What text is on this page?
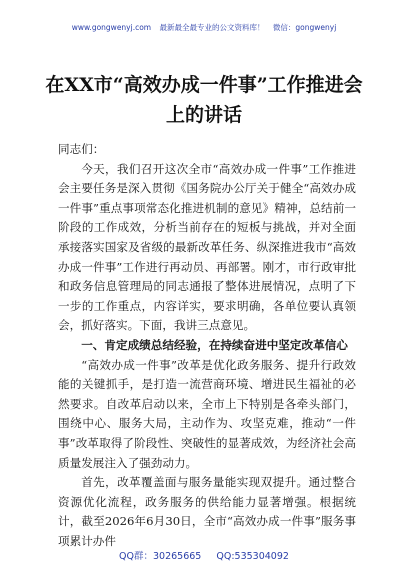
www.gongwenyj.com 最新最全最专业的公文资料库！ 微信：gongwenyj
在XX市“高效办成一件事”工作推进会上的讲话

同志们：

今天，我们召开这次全市“高效办成一件事”工作推进会主要任务是深入贯彻《国务院办公厅关于健全“高效办成一件事”重点事项常态化推进机制的意见》精神，总结前一阶段的工作成效，分析当前存在的短板与挑战，并对全面承接落实国家及省级的最新改革任务、纵深推进我市“高效办成一件事”工作进行再动员、再部署。刚才，市行政审批和政务信息管理局的同志通报了整体进展情况，点明了下一步的工作重点，内容详实，要求明确，各单位要认真领会，抓好落实。下面，我讲三点意见。

一、肯定成绩总结经验，在持续奋进中坚定改革信心

“高效办成一件事”改革是优化政务服务、提升行政效能的关键抓手，是打造一流营商环境、增进民生福祉的必然要求。自改革启动以来，全市上下特别是各牵头部门，围绕中心、服务大局，主动作为、攻坚克难，推动“一件事”改革取得了阶段性、突破性的显著成效，为经济社会高质量发展注入了强劲动力。

首先，改革覆盖面与服务量能实现双提升。通过整合资源优化流程，政务服务的供给能力显著增强。根据统计，截至2026年6月30日，全市“高效办成一件事”服务事项累计办件

QQ群：30265665 QQ:535304092
